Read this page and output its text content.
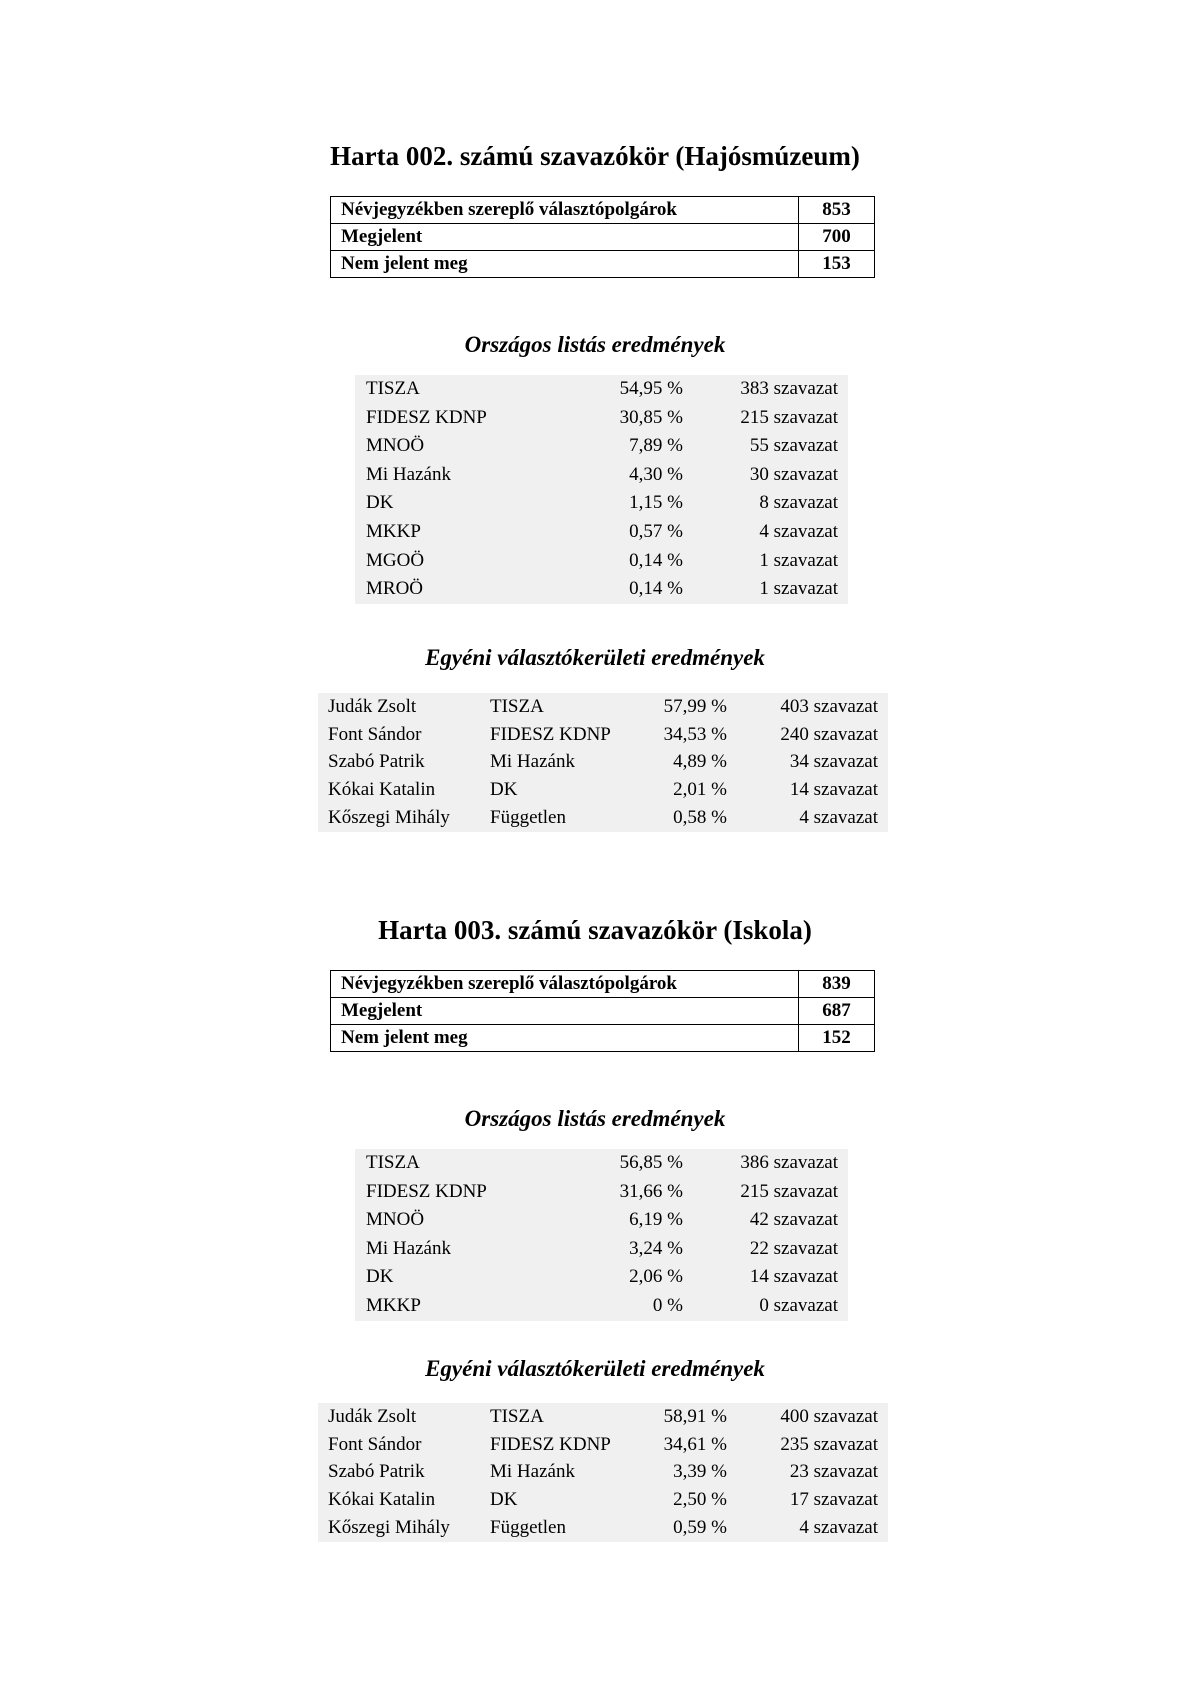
Harta 002. számú szavazókör (Hajósmúzeum)
Névjegyzékben szereplő választópolgárok	853
Megjelent	700
Nem jelent meg	153
Országos listás eredmények
TISZA	54,95 %	383 szavazat
FIDESZ KDNP	30,85 %	215 szavazat
MNOÖ	7,89 %	55 szavazat
Mi Hazánk	4,30 %	30 szavazat
DK	1,15 %	8 szavazat
MKKP	0,57 %	4 szavazat
MGOÖ	0,14 %	1 szavazat
MROÖ	0,14 %	1 szavazat
Egyéni választókerületi eredmények
Judák Zsolt	TISZA	57,99 %	403 szavazat
Font Sándor	FIDESZ KDNP	34,53 %	240 szavazat
Szabó Patrik	Mi Hazánk	4,89 %	34 szavazat
Kókai Katalin	DK	2,01 %	14 szavazat
Kőszegi Mihály	Független	0,58 %	4 szavazat
Harta 003. számú szavazókör (Iskola)
Névjegyzékben szereplő választópolgárok	839
Megjelent	687
Nem jelent meg	152
Országos listás eredmények
TISZA	56,85 %	386 szavazat
FIDESZ KDNP	31,66 %	215 szavazat
MNOÖ	6,19 %	42 szavazat
Mi Hazánk	3,24 %	22 szavazat
DK	2,06 %	14 szavazat
MKKP	0 %	0 szavazat
Egyéni választókerületi eredmények
Judák Zsolt	TISZA	58,91 %	400 szavazat
Font Sándor	FIDESZ KDNP	34,61 %	235 szavazat
Szabó Patrik	Mi Hazánk	3,39 %	23 szavazat
Kókai Katalin	DK	2,50 %	17 szavazat
Kőszegi Mihály	Független	0,59 %	4 szavazat
